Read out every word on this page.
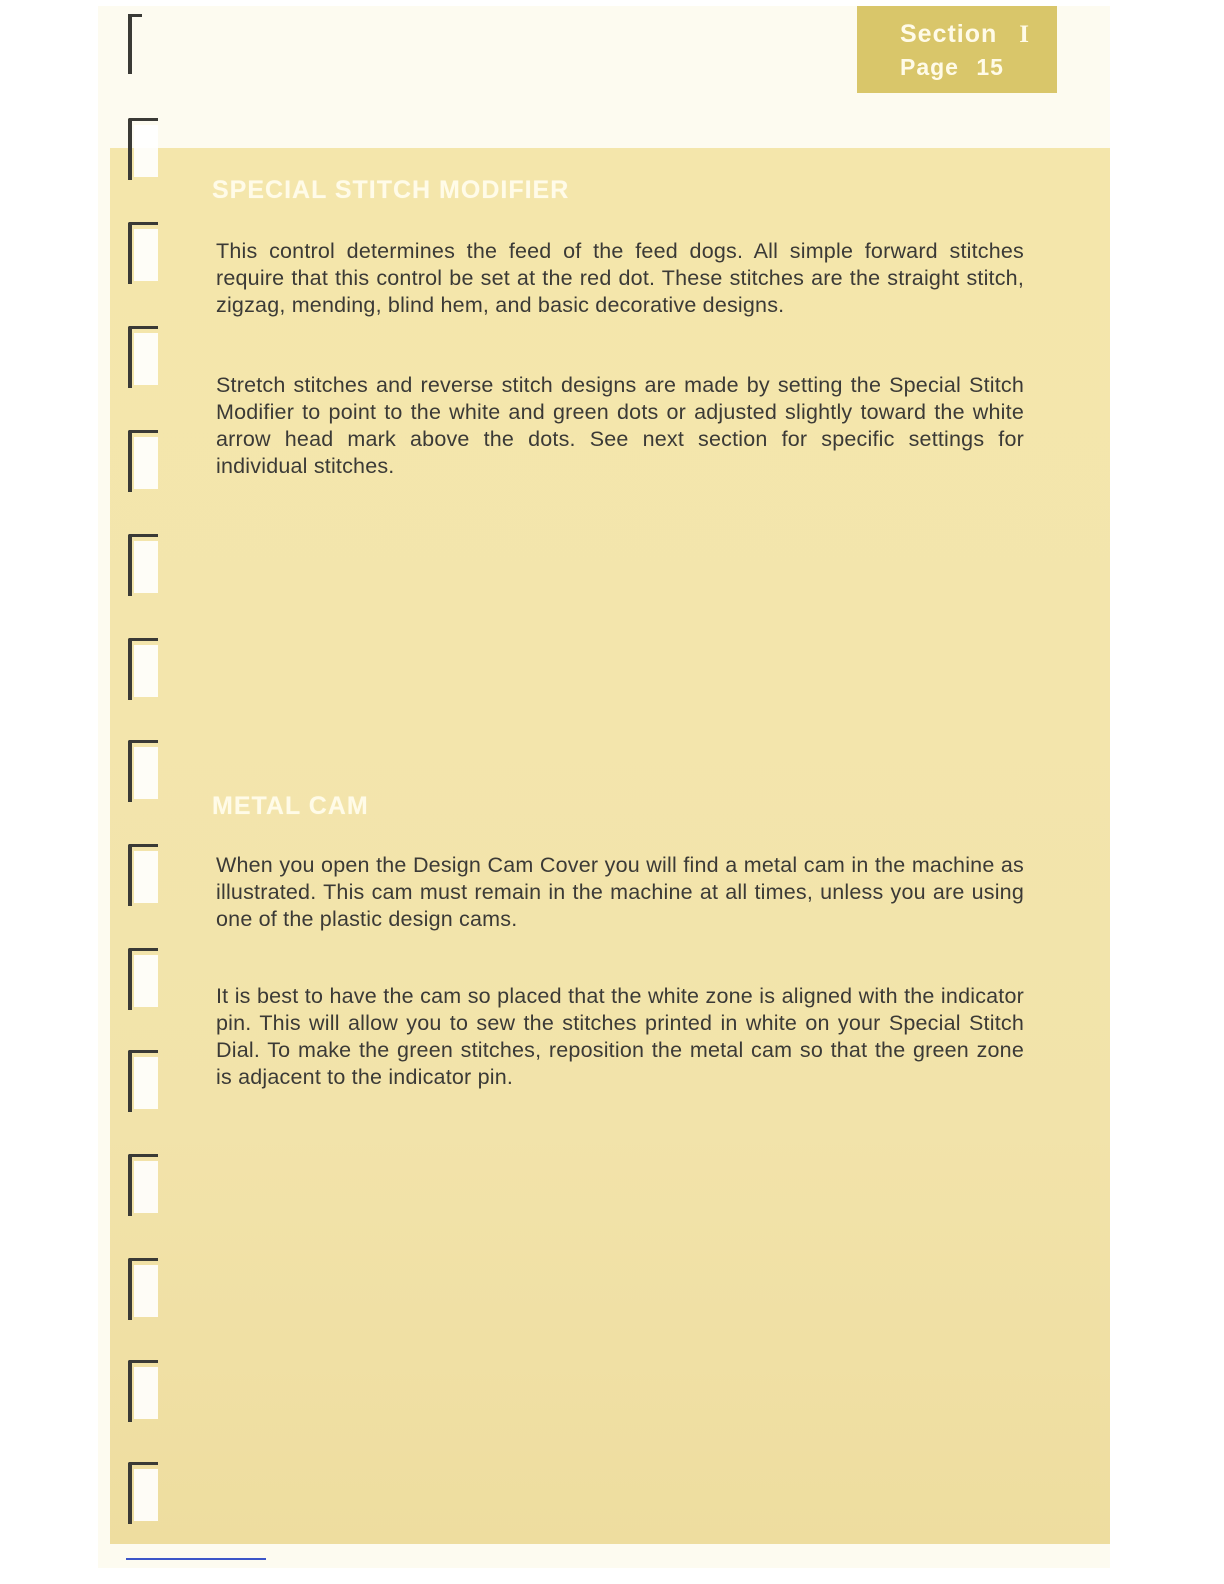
Section I
Page 15
SPECIAL STITCH MODIFIER

This control determines the feed of the feed dogs. All simple forward stitches require that this control be set at the red dot. These stitches are the straight stitch, zigzag, mending, blind hem, and basic decorative designs.

Stretch stitches and reverse stitch designs are made by setting the Special Stitch Modifier to point to the white and green dots or adjusted slightly toward the white arrow head mark above the dots. See next section for specific settings for individual stitches.

METAL CAM

When you open the Design Cam Cover you will find a metal cam in the machine as illustrated. This cam must remain in the machine at all times, unless you are using one of the plastic design cams.

It is best to have the cam so placed that the white zone is aligned with the indicator pin. This will allow you to sew the stitches printed in white on your Special Stitch Dial. To make the green stitches, reposition the metal cam so that the green zone is adjacent to the indicator pin.
